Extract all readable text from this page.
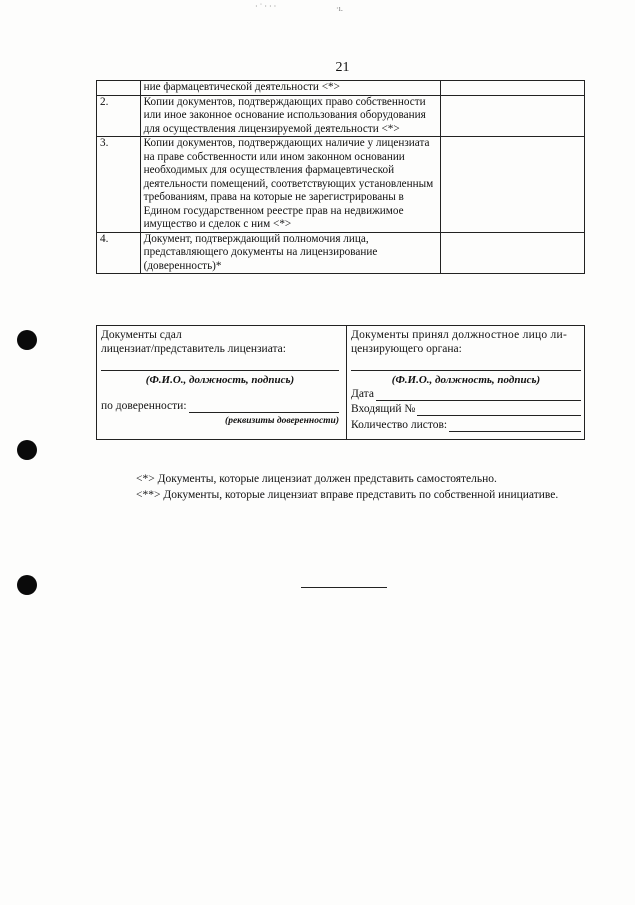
· ˙ · · ·	·ı.
21
	ние фармацевтической деятельности <*>	
2.	Копии документов, подтверждающих право собственности или иное законное основание использования оборудования для осуществления лицензируемой деятельности <*>	
3.	Копии документов, подтверждающих наличие у лицензиата на праве собственности или ином законном основании необходимых для осуществления фармацевтической деятельности помещений, соответствующих установленным требованиям, права на которые не зарегистрированы в Едином государственном реестре прав на недвижимое имущество и сделок с ним <*>	
4.	Документ, подтверждающий полномочия лица, представляющего документы на лицензирование (доверенность)*	
Документы сдал
лицензиат/представитель лицензиата:
(Ф.И.О., должность, подпись)
по доверенности:
(реквизиты доверенности)
Документы принял должностное лицо ли-
цензирующего органа:
(Ф.И.О., должность, подпись)
Дата
Входящий №
Количество листов:

<*> Документы, которые лицензиат должен представить самостоятельно.

<**> Документы, которые лицензиат вправе представить по собственной инициативе.
